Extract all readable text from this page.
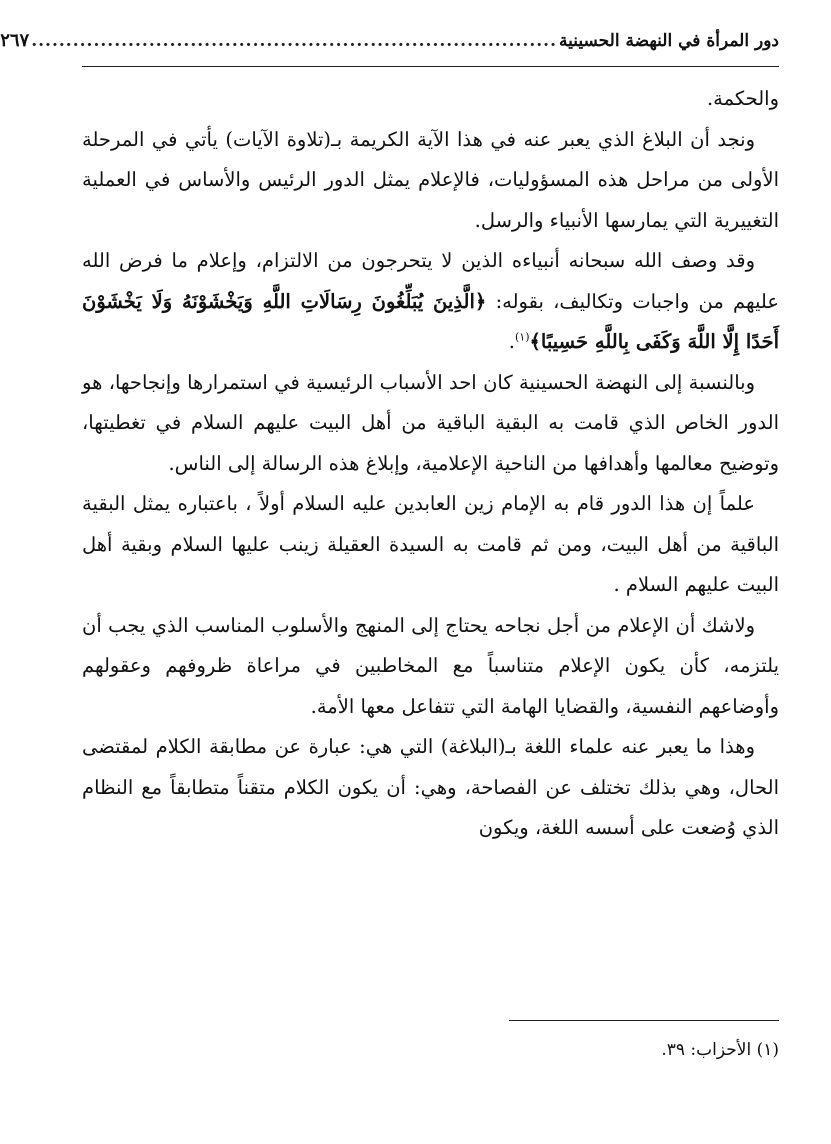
دور المرأة في النهضة الحسينية
............................................................................
٢٦٧

والحكمة.

ونجد أن البلاغ الذي يعبر عنه في هذا الآية الكريمة بـ(تلاوة الآيات) يأتي في المرحلة الأولى من مراحل هذه المسؤوليات، فالإعلام يمثل الدور الرئيس والأساس في العملية التغييرية التي يمارسها الأنبياء والرسل.

وقد وصف الله سبحانه أنبياءه الذين لا يتحرجون من الالتزام، وإعلام ما فرض الله عليهم من واجبات وتكاليف، بقوله: ﴿الَّذِينَ يُبَلِّغُونَ رِسَالَاتِ اللَّهِ وَيَخْشَوْنَهُ وَلَا يَخْشَوْنَ أَحَدًا إِلَّا اللَّهَ وَكَفَى بِاللَّهِ حَسِيبًا﴾$^{(١)}$.

وبالنسبة إلى النهضة الحسينية كان احد الأسباب الرئيسية في استمرارها وإنجاحها، هو الدور الخاص الذي قامت به البقية الباقية من أهل البيت عليهم السلام في تغطيتها، وتوضيح معالمها وأهدافها من الناحية الإعلامية، وإبلاغ هذه الرسالة إلى الناس.

علماً إن هذا الدور قام به الإمام زين العابدين عليه السلام أولاً ، باعتباره يمثل البقية الباقية من أهل البيت، ومن ثم قامت به السيدة العقيلة زينب عليها السلام وبقية أهل البيت عليهم السلام .

ولاشك أن الإعلام من أجل نجاحه يحتاج إلى المنهج والأسلوب المناسب الذي يجب أن يلتزمه، كأن يكون الإعلام متناسباً مع المخاطبين في مراعاة ظروفهم وعقولهم وأوضاعهم النفسية، والقضايا الهامة التي تتفاعل معها الأمة.

وهذا ما يعبر عنه علماء اللغة بـ(البلاغة) التي هي: عبارة عن مطابقة الكلام لمقتضى الحال، وهي بذلك تختلف عن الفصاحة، وهي: أن يكون الكلام متقناً متطابقاً مع النظام الذي وُضعت على أسسه اللغة، ويكون

(١) الأحزاب: ٣٩.
